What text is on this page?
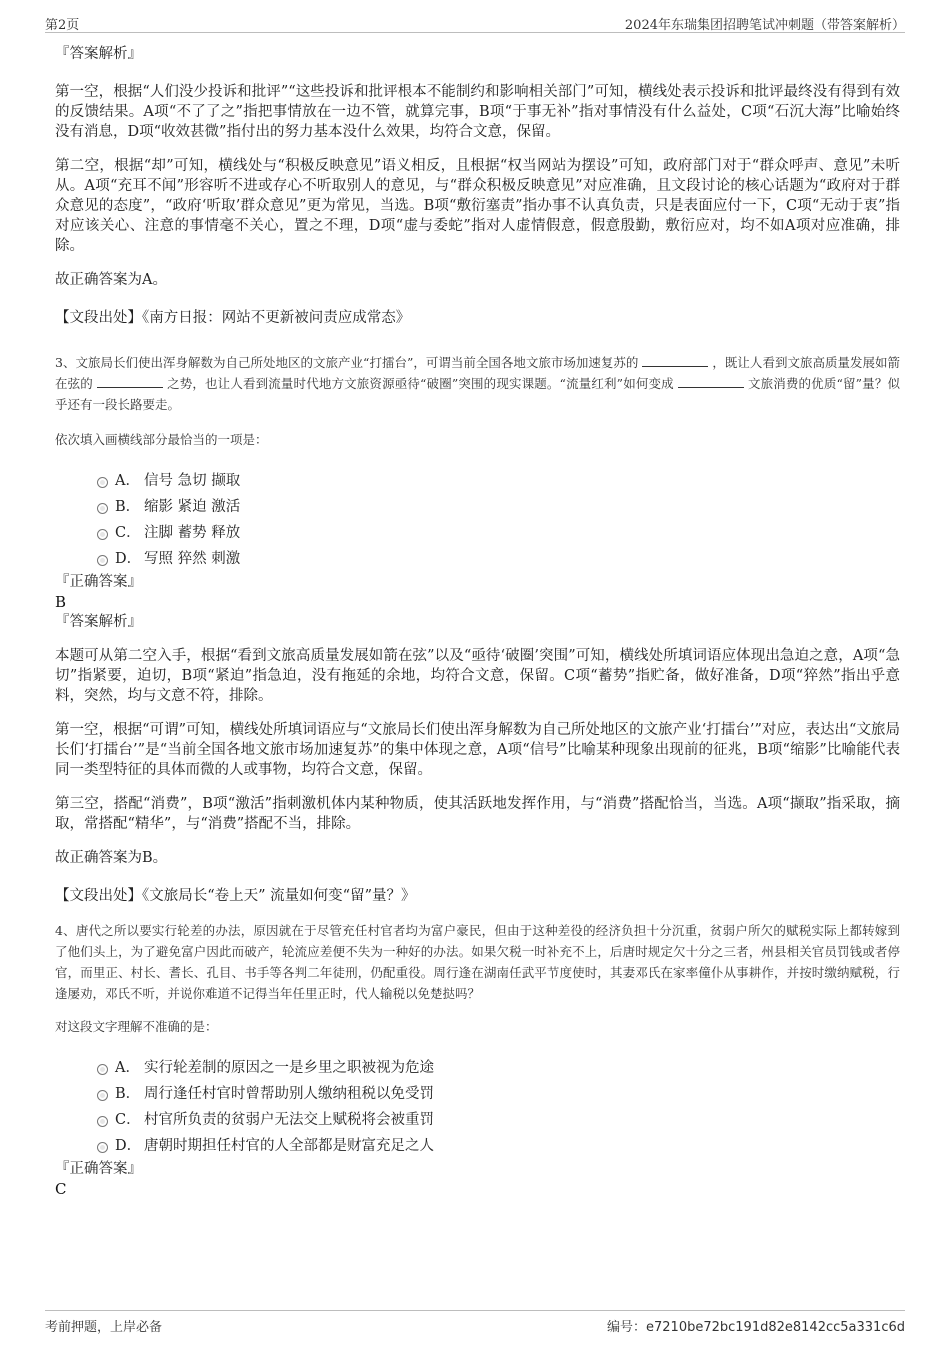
第2页	2024年东瑞集团招聘笔试冲刺题（带答案解析）

『答案解析』

第一空，根据“人们没少投诉和批评”“这些投诉和批评根本不能制约和影响相关部门”可知，横线处表示投诉和批评最终没有得到有效的反馈结果。A项“不了了之”指把事情放在一边不管，就算完事，B项“于事无补”指对事情没有什么益处，C项“石沉大海”比喻始终没有消息，D项“收效甚微”指付出的努力基本没什么效果，均符合文意，保留。

第二空，根据“却”可知，横线处与“积极反映意见”语义相反，且根据“权当网站为摆设”可知，政府部门对于“群众呼声、意见”未听从。A项“充耳不闻”形容听不进或存心不听取别人的意见，与“群众积极反映意见”对应准确，且文段讨论的核心话题为“政府对于群众意见的态度”，“政府‘听取’群众意见”更为常见，当选。B项“敷衍塞责”指办事不认真负责，只是表面应付一下，C项“无动于衷”指对应该关心、注意的事情毫不关心，置之不理，D项“虚与委蛇”指对人虚情假意，假意殷勤，敷衍应对，均不如A项对应准确，排除。

故正确答案为A。

【文段出处】《南方日报：网站不更新被问责应成常态》

3、文旅局长们使出浑身解数为自己所处地区的文旅产业“打擂台”，可谓当前全国各地文旅市场加速复苏的	，既让人看到文旅高质量发展如箭在弦的	之势，也让人看到流量时代地方文旅资源亟待“破圈”突围的现实课题。“流量红利”如何变成	文旅消费的优质“留”量？似乎还有一段长路要走。

依次填入画横线部分最恰当的一项是：

A． 信号 急切 撷取
B． 缩影 紧迫 激活
C． 注脚 蓄势 释放
D． 写照 猝然 刺激

『正确答案』

B

『答案解析』

本题可从第二空入手，根据“看到文旅高质量发展如箭在弦”以及“亟待‘破圈’突围”可知，横线处所填词语应体现出急迫之意，A项“急切”指紧要，迫切，B项“紧迫”指急迫，没有拖延的余地，均符合文意，保留。C项“蓄势”指贮备，做好准备，D项“猝然”指出乎意料，突然，均与文意不符，排除。

第一空，根据“可谓”可知，横线处所填词语应与“文旅局长们使出浑身解数为自己所处地区的文旅产业‘打擂台’”对应，表达出“文旅局长们‘打擂台’”是“当前全国各地文旅市场加速复苏”的集中体现之意，A项“信号”比喻某种现象出现前的征兆，B项“缩影”比喻能代表同一类型特征的具体而微的人或事物，均符合文意，保留。

第三空，搭配“消费”，B项“激活”指刺激机体内某种物质，使其活跃地发挥作用，与“消费”搭配恰当，当选。A项“撷取”指采取，摘取，常搭配“精华”，与“消费”搭配不当，排除。

故正确答案为B。

【文段出处】《文旅局长“卷上天” 流量如何变“留”量？》

4、唐代之所以要实行轮差的办法，原因就在于尽管充任村官者均为富户豪民，但由于这种差役的经济负担十分沉重，贫弱户所欠的赋税实际上都转嫁到了他们头上，为了避免富户因此而破产，轮流应差便不失为一种好的办法。如果欠税一时补充不上，后唐时规定欠十分之三者，州县相关官员罚钱或者停官，而里正、村长、耆长、孔目、书手等各判二年徒刑，仍配重役。周行逢在湖南任武平节度使时，其妻邓氏在家率僮仆从事耕作，并按时缴纳赋税，行逢屡劝，邓氏不听，并说你难道不记得当年任里正时，代人输税以免楚挞吗？

对这段文字理解不准确的是：

A． 实行轮差制的原因之一是乡里之职被视为危途
B． 周行逢任村官时曾帮助别人缴纳租税以免受罚
C． 村官所负责的贫弱户无法交上赋税将会被重罚
D． 唐朝时期担任村官的人全部都是财富充足之人

『正确答案』

C

考前押题，上岸必备	编号：e7210be72bc191d82e8142cc5a331c6d
